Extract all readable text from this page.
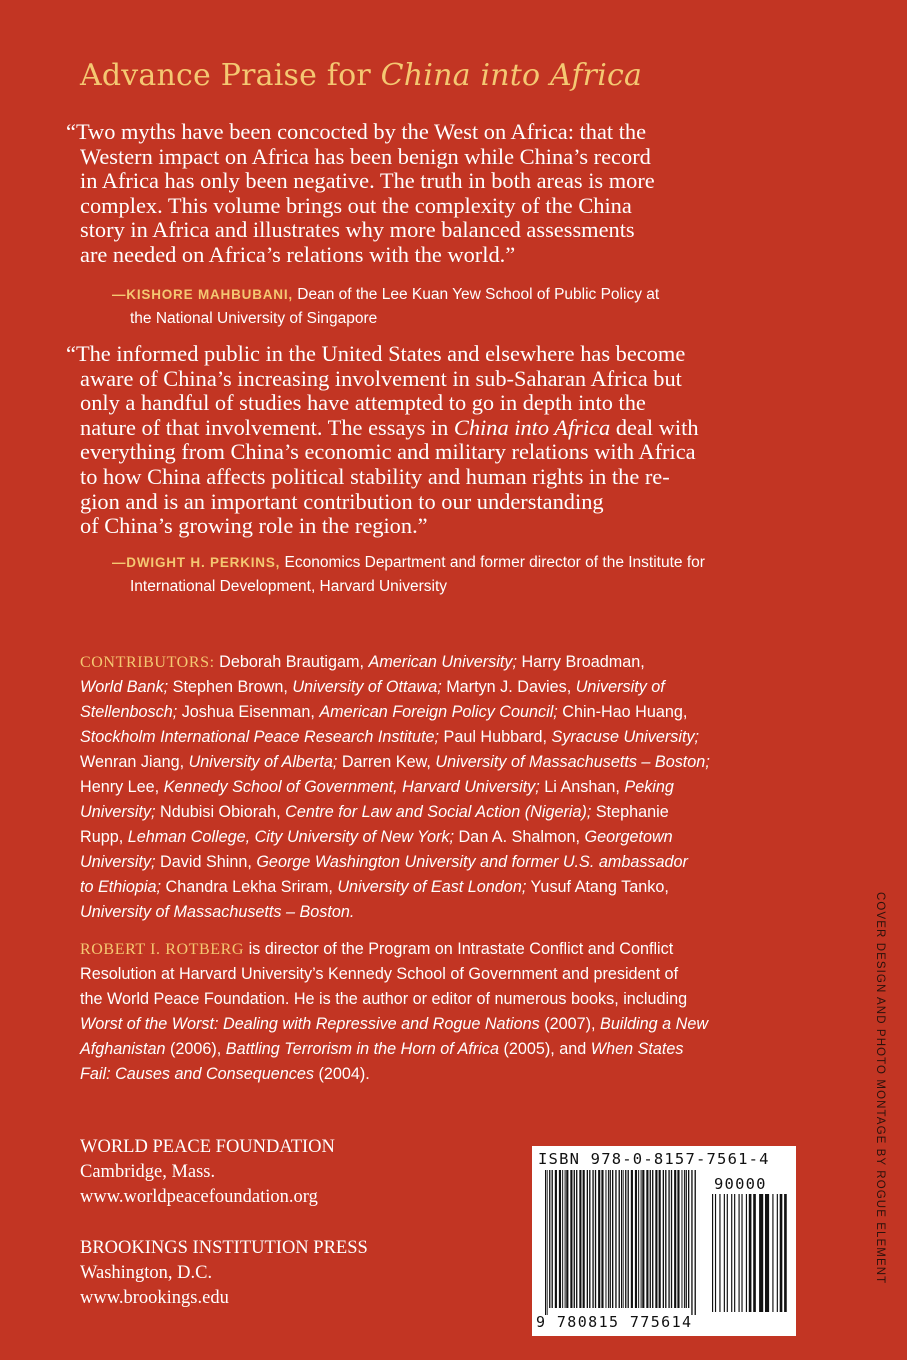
Advance Praise for China into Africa
“Two myths have been concocted by the West on Africa: that the
Western impact on Africa has been benign while China’s record
in Africa has only been negative. The truth in both areas is more
complex. This volume brings out the complexity of the China
story in Africa and illustrates why more balanced assessments
are needed on Africa’s relations with the world.”
—KISHORE MAHBUBANI, Dean of the Lee Kuan Yew School of Public Policy at
the National University of Singapore
“The informed public in the United States and elsewhere has become
aware of China’s increasing involvement in sub-Saharan Africa but
only a handful of studies have attempted to go in depth into the
nature of that involvement. The essays in China into Africa deal with
everything from China’s economic and military relations with Africa
to how China affects political stability and human rights in the re-
gion and is an important contribution to our understanding
of China’s growing role in the region.”
—DWIGHT H. PERKINS, Economics Department and former director of the Institute for
International Development, Harvard University
CONTRIBUTORS: Deborah Brautigam, American University; Harry Broadman,
World Bank; Stephen Brown, University of Ottawa; Martyn J. Davies, University of
Stellenbosch; Joshua Eisenman, American Foreign Policy Council; Chin-Hao Huang,
Stockholm International Peace Research Institute; Paul Hubbard, Syracuse University;
Wenran Jiang, University of Alberta; Darren Kew, University of Massachusetts – Boston;
Henry Lee, Kennedy School of Government, Harvard University; Li Anshan, Peking
University; Ndubisi Obiorah, Centre for Law and Social Action (Nigeria); Stephanie
Rupp, Lehman College, City University of New York; Dan A. Shalmon, Georgetown
University; David Shinn, George Washington University and former U.S. ambassador
to Ethiopia; Chandra Lekha Sriram, University of East London; Yusuf Atang Tanko,
University of Massachusetts – Boston.
ROBERT I. ROTBERG is director of the Program on Intrastate Conflict and Conflict
Resolution at Harvard University’s Kennedy School of Government and president of
the World Peace Foundation. He is the author or editor of numerous books, including
Worst of the Worst: Dealing with Repressive and Rogue Nations (2007), Building a New
Afghanistan (2006), Battling Terrorism in the Horn of Africa (2005), and When States
Fail: Causes and Consequences (2004).
WORLD PEACE FOUNDATION
Cambridge, Mass.
www.worldpeacefoundation.org
BROOKINGS INSTITUTION PRESS
Washington, D.C.
www.brookings.edu
COVER DESIGN AND PHOTO MONTAGE BY ROGUE ELEMENT
ISBN 978-0-8157-7561-4
90000
9 780815 775614
